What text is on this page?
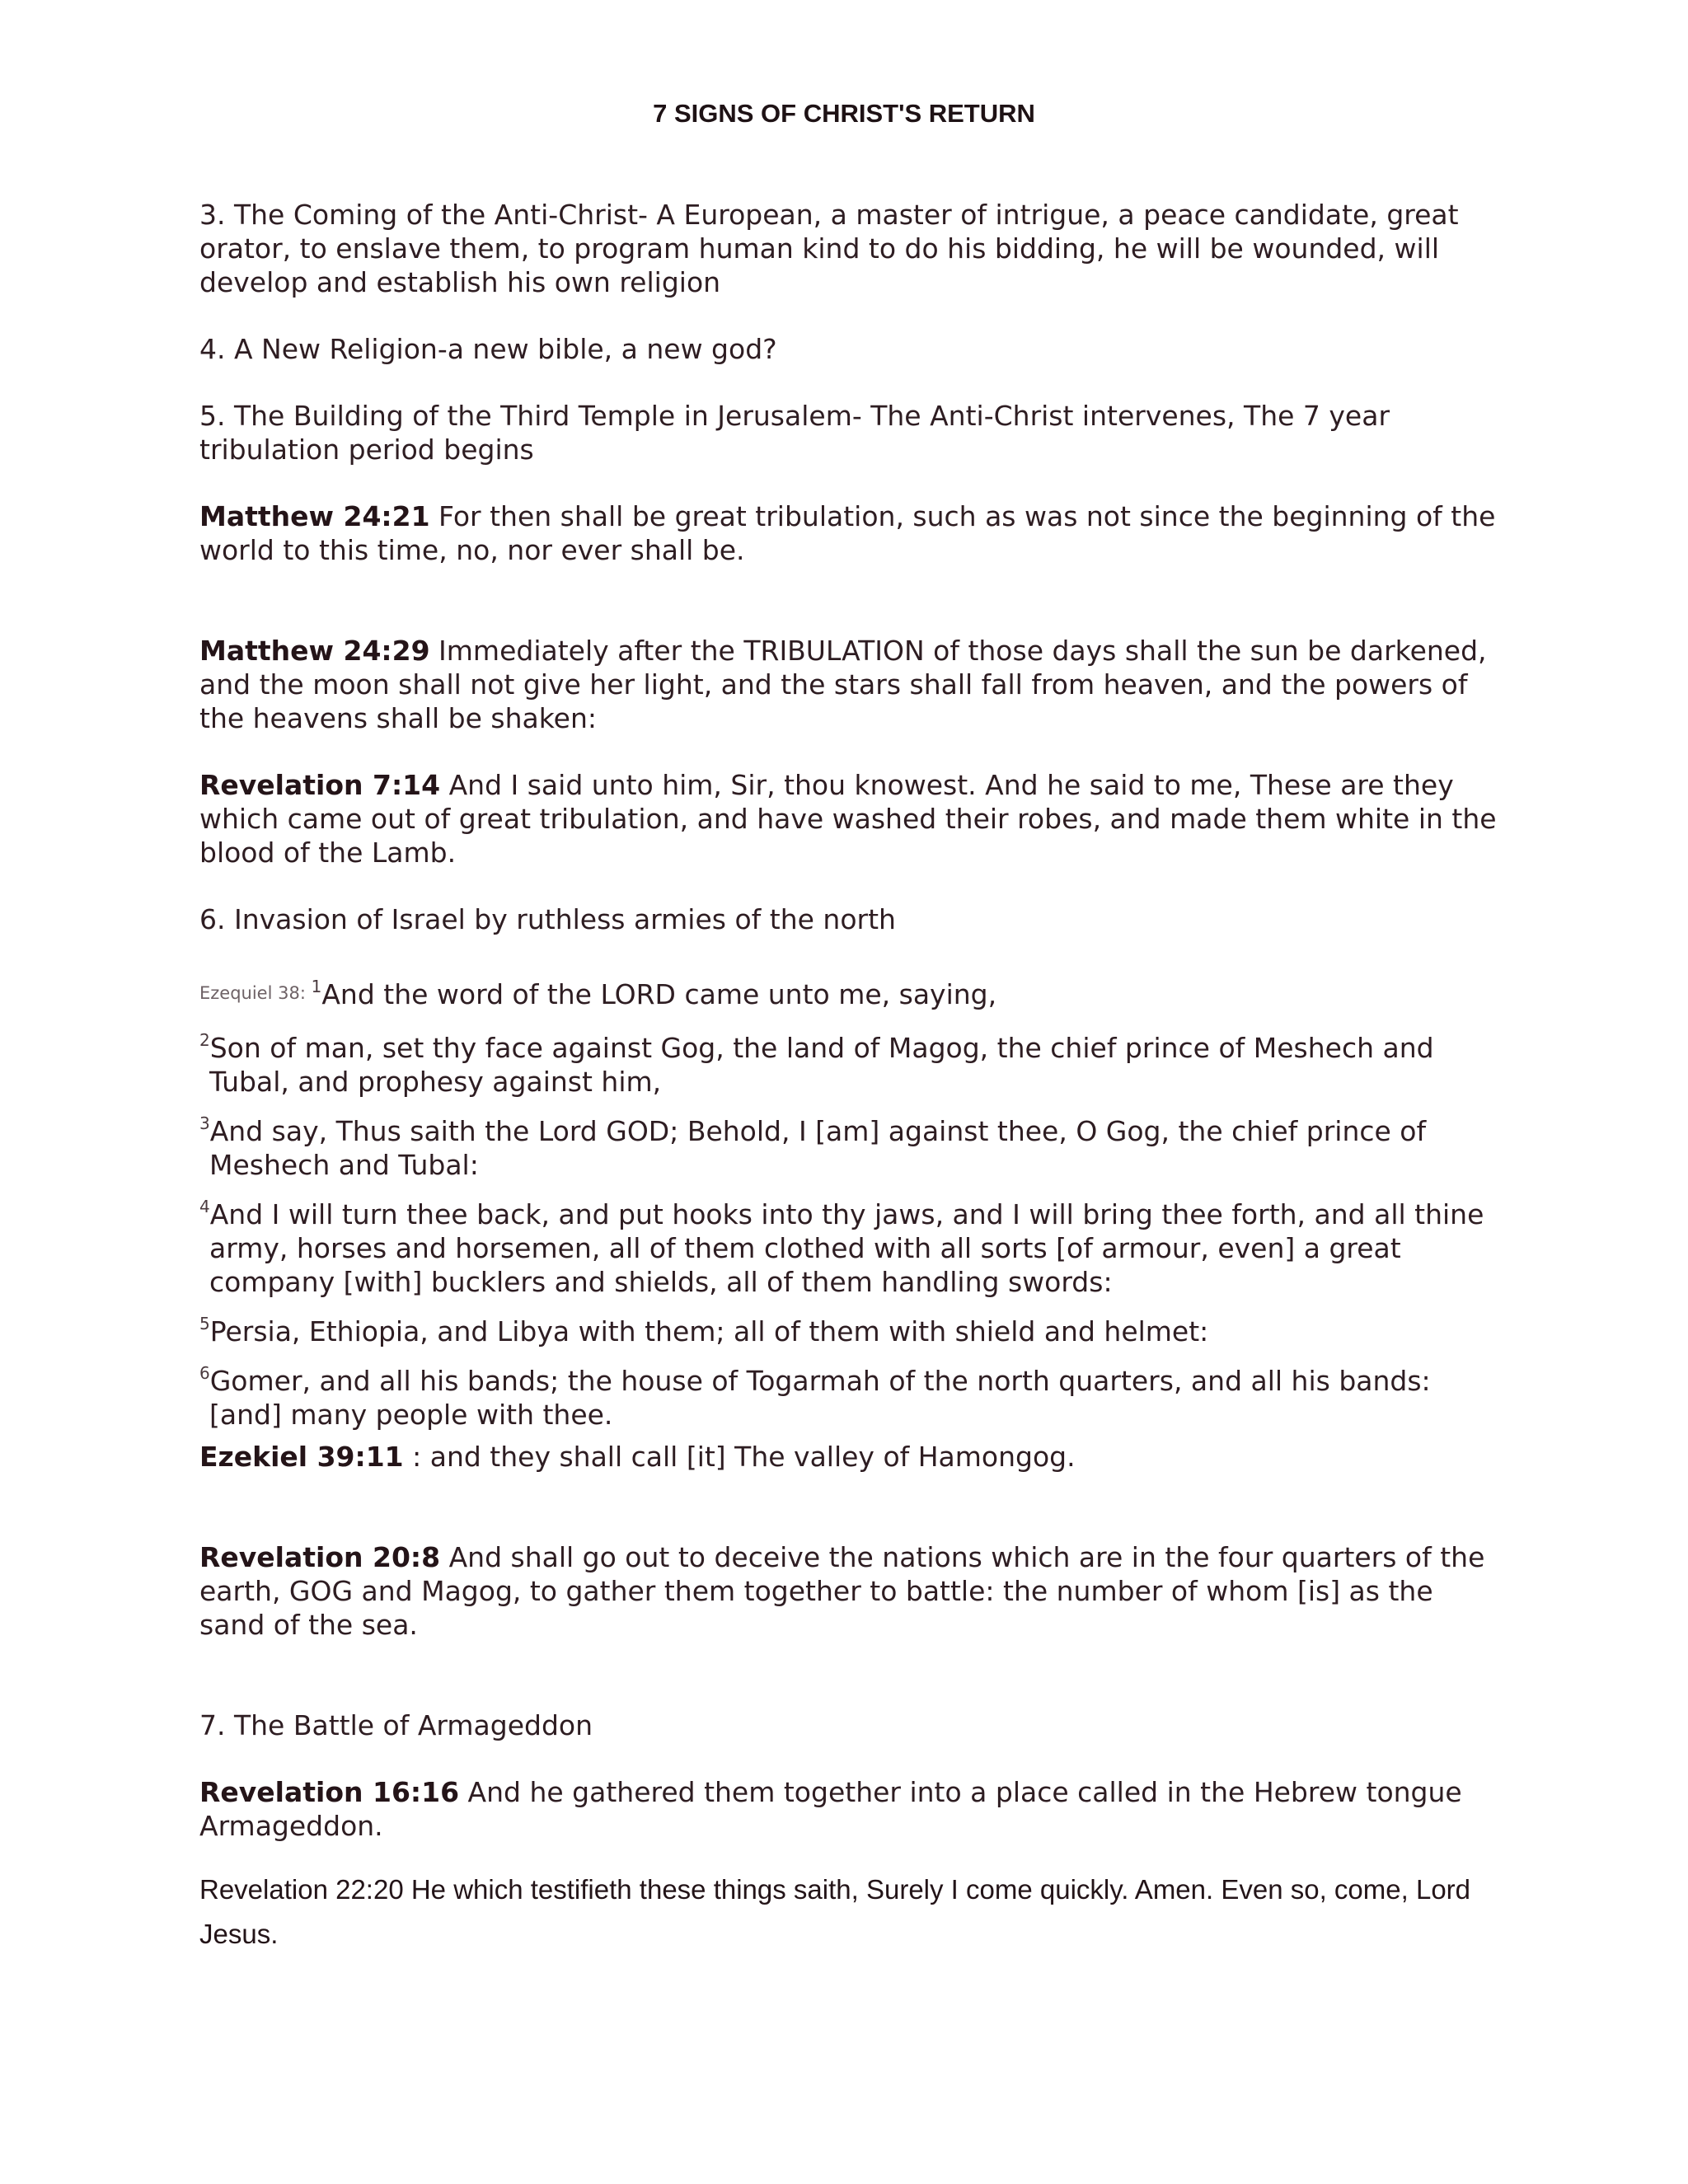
7 SIGNS OF CHRIST'S RETURN

3. The Coming of the Anti-Christ- A European, a master of intrigue, a peace candidate, great orator, to enslave them, to program human kind to do his bidding, he will be wounded, will develop and establish his own religion

4. A New Religion-a new bible, a new god?

5. The Building of the Third Temple in Jerusalem- The Anti-Christ intervenes, The 7 year tribulation period begins

Matthew 24:21 For then shall be great tribulation, such as was not since the beginning of the world to this time, no, nor ever shall be.

Matthew 24:29 Immediately after the TRIBULATION of those days shall the sun be darkened, and the moon shall not give her light, and the stars shall fall from heaven, and the powers of the heavens shall be shaken:

Revelation 7:14 And I said unto him, Sir, thou knowest. And he said to me, These are they which came out of great tribulation, and have washed their robes, and made them white in the blood of the Lamb.

6. Invasion of Israel by ruthless armies of the north

Ezequiel 38: $^1$And the word of the LORD came unto me, saying,

$^2$Son of man, set thy face against Gog, the land of Magog, the chief prince of Meshech and Tubal, and prophesy against him,

$^3$And say, Thus saith the Lord GOD; Behold, I [am] against thee, O Gog, the chief prince of Meshech and Tubal:

$^4$And I will turn thee back, and put hooks into thy jaws, and I will bring thee forth, and all thine army, horses and horsemen, all of them clothed with all sorts [of armour, even] a great company [with] bucklers and shields, all of them handling swords:

$^5$Persia, Ethiopia, and Libya with them; all of them with shield and helmet:

$^6$Gomer, and all his bands; the house of Togarmah of the north quarters, and all his bands: [and] many people with thee.

Ezekiel 39:11 : and they shall call [it] The valley of Hamongog.

Revelation 20:8 And shall go out to deceive the nations which are in the four quarters of the earth, GOG and Magog, to gather them together to battle: the number of whom [is] as the sand of the sea.

7. The Battle of Armageddon

Revelation 16:16 And he gathered them together into a place called in the Hebrew tongue Armageddon.

Revelation 22:20 He which testifieth these things saith, Surely I come quickly. Amen. Even so, come, Lord Jesus.
